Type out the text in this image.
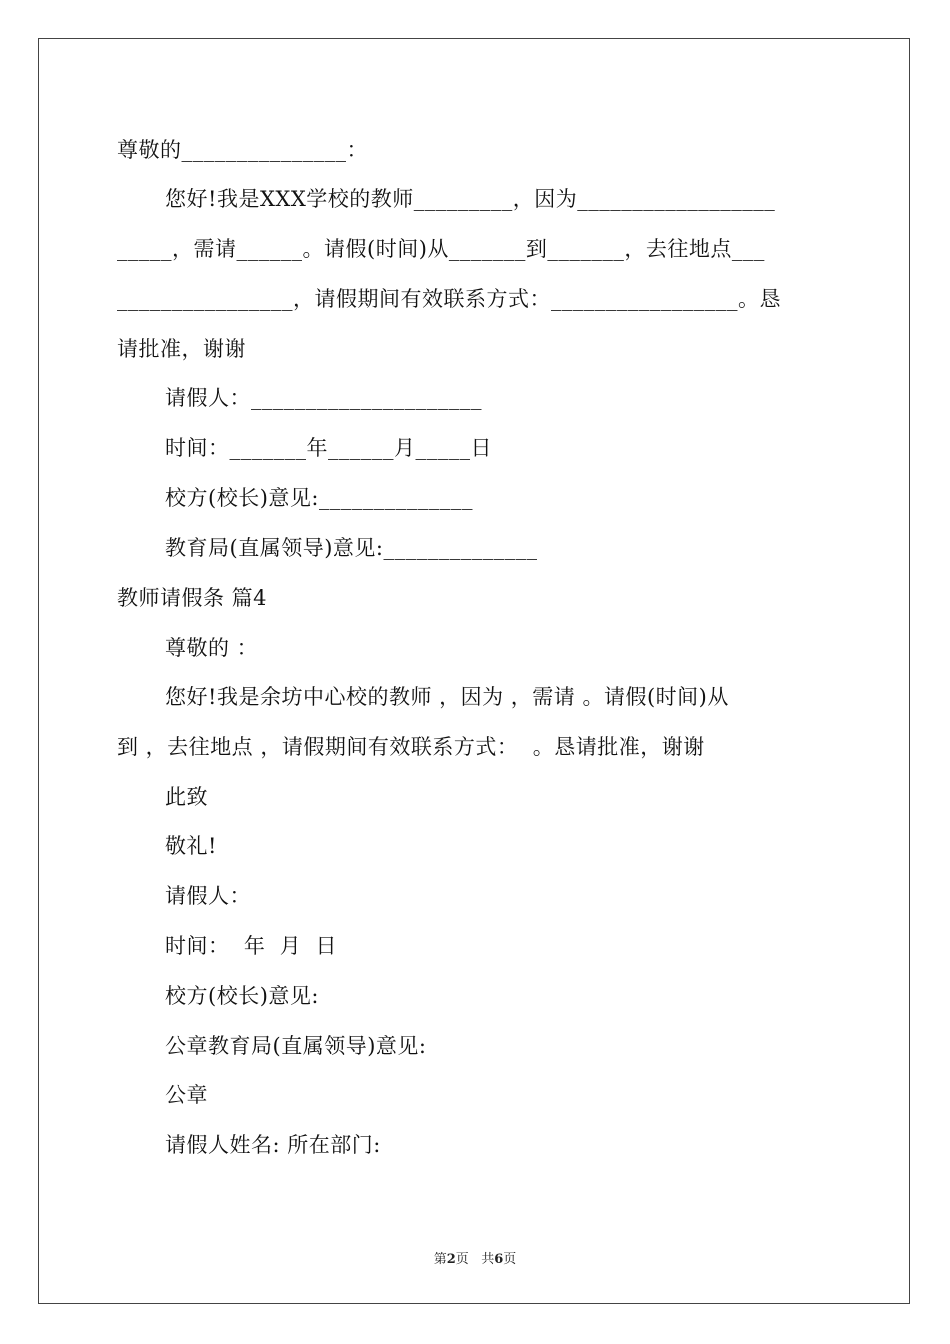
尊敬的_______________：

您好!我是XXX学校的教师_________，因为__________________

_____，需请______。请假(时间)从_______到_______，去往地点___

________________，请假期间有效联系方式：_________________。恳

请批准，谢谢

请假人：_____________________

时间：_______年______月_____日

校方(校长)意见:______________

教育局(直属领导)意见:______________

教师请假条 篇4

尊敬的 ：

您好!我是余坊中心校的教师 ，因为 ，需请 。请假(时间)从

到 ，去往地点 ，请假期间有效联系方式：  。恳请批准，谢谢

此致

敬礼!

请假人：

时间：  年  月  日

校方(校长)意见:

公章教育局(直属领导)意见:

公章

请假人姓名: 所在部门:

第2页   共6页
